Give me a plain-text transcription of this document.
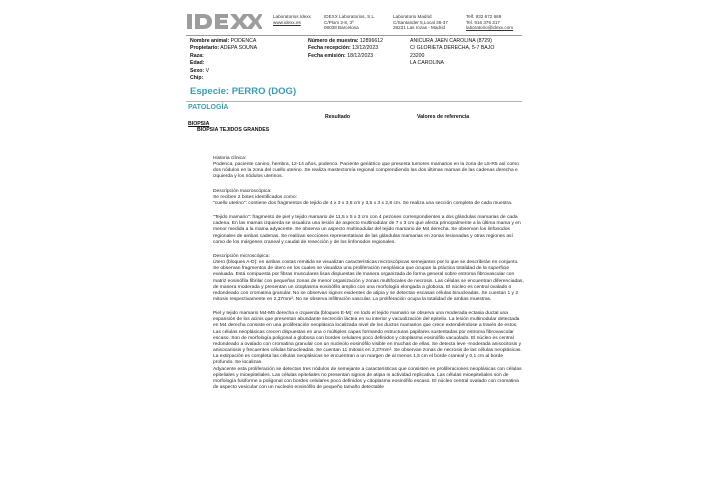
Laboratorios Idexx
www.idexx.es
IDEXX Laboratorios, S.L.
C/Plom 2-8, 3º
08038 Barcelona
Laboratorio Madrid
C/Santander 5,Local 36-37
28231 Las rozas - Madrid
Telf. 932 672 669
Tel. 916 376 317
laboratorio@idexx.com
Nombre animal: PODENCA
Propietario: ADEPA SOUNA
Raza:
Edad:
Sexo: V
Chip:
Número de muestra: 12896612
Fecha recepción: 13/12/2023
Fecha emisión: 18/12/2023
ANICURA JAEN CAROLINA (8729)
C/ GLORIETA DERECHA, 5-7 BAJO
23200
LA CAROLINA
Especie: PERRO (DOG)
PATOLOGÍA
Resultado	Valores de referencia
BIOPSIA
BIOPSIA TEJIDOS GRANDES

Historia clínica:
Podenca, paciente canino, hembra, 12-14 años, podenco. Paciente geriátrico que presenta tumores mamarios en la zona de L5-R5 así como dos nódulos en la zona del cuello uterino. Se realiza mastectomía regional comprendiendo las dos últimas mamas de las cadenas derecha e izquierda y los nódulos uterinos.

Descripción macroscópica:
Se reciben 2 botes identificados como:
"cuello uterino": contiene dos fragmentos de tejido de 4 x 3 x 3,5 cm y 3,5 x 3 x 2,8 cm. Se realiza una sección completa de cada muestra.

"Tejido mamario": fragmento de piel y tejido mamario de 11,5 x 5 x 3 cm con 4 pezones correspondientes a dos glándulas mamarias de cada cadena. En las mamas izquierda se visualiza una lesión de aspecto multinodular de 7 x 3 cm que afecta principalmente a la última mama y en menor medida a la mama adyacente. Se observa un aspecto multinodular del tejido mamario de M4 derecha. Se observan los linfonodos regionales de ambas cadenas. Se realizan secciones representativas de las glándulas mamarias en zonas lesionadas y otras regiones así como de los márgenes craneal y caudal de resección y de los linfonodos regionales.

Descripción microscópica:
Útero (bloques A-D): en ambas costas remitida se visualizan características microscópicas semejantes por lo que se describirán en conjunto. Se observan fragmentos de útero en los cuales se visualiza una proliferación neoplásica que ocupan la práctica totalidad de la superficie evaluada. Está compuesta por fibras musculares lisas dispuestas de manera organizada de forma general sobre estroma fibrovascular con matriz eosinófila fibrilar con pequeñas zonas de menor organización y zonas multifocales de necrosis. Las células se encuentran diferenciadas, de manera moderada y presentan un citoplasma eosinófilo amplio con una morfología elongada a globosa. El núcleo es central ovalado o redondeado con cromatina granular. No se observan signos evidentes de atipia y se detectan escasas células binucleadas. Se cuentan 1 y 2 mitosis respectivamente en 2,37mm². No se observa infiltración vascular. La proliferación ocupa la totalidad de ambas muestras.

Piel y tejido mamario M4-M5 derecha e izquierda (bloques E-M): en todo el tejido mamario se observa una moderada ectasia ductal una expansión de los acinis que presentan abundante secreción láctea en su interior y vacuolización del epitelio. La lesión multinodular detectada en M4 derecha consiste en una proliferación neoplásica localizada nivel de los ductos mamarios que crece extendiéndose a través de estos. Las células neoplásicas crecen dispuestas en una o múltiples capas formando estructuras papilares sustentadas por estroma fibrovascular escaso. Son de morfología poligonal a globosa con bordes celulares poco definidos y citoplasma eosinófilo vacuolado. El núcleo es central redondeado a ovalado con cromatina granular con un nucleolo eosinófilo visible en muchas de ellas. Se detecta leve -moderada anisocitosis y anisocariosis y frecuentes células binucleadas. Se cuentan 11 mitosis en 2,37mm². Se observan zonas de necrosis de las células neoplásicas. La extirpación es completa las células neoplásicas se encuentran a un margen de al menos 1,5 cm el borde craneal y 0,1 cm al borde profundo. Se localizan.
Adyacente esta proliferación se detectan tres nódulos de semejante a características que consisten en proliferaciones neoplásicas con células epiteliales y mioepiteliales. Las células epiteliales no presentan signos de atipia ni actividad replicativa. Las células mioepiteliales son de morfología fusiforme a poligonal con bordes celulares poco definidos y citoplasma eosinófilo escaso. El núcleo central ovalado con cromatina de aspecto vesicular con un nucleolo eosinófilo de pequeño tamaño detectable
